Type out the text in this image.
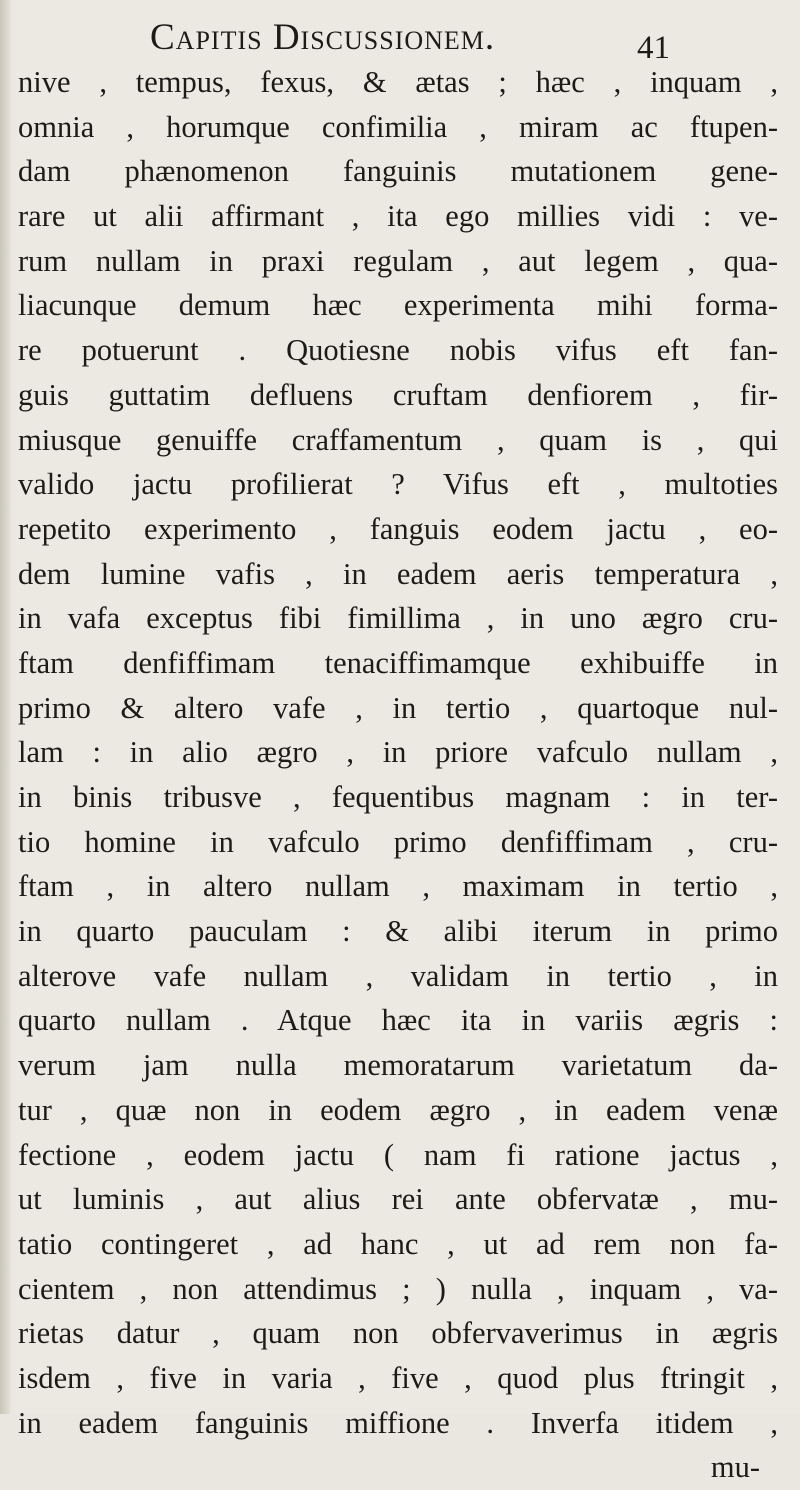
Capitis Discussionem.	41
nive , tempus, fexus, & ætas ; hæc , inquam ,
omnia , horumque confimilia , miram ac ftupen-
dam phænomenon fanguinis mutationem gene-
rare ut alii affirmant , ita ego millies vidi : ve-
rum nullam in praxi regulam , aut legem , qua-
liacunque demum hæc experimenta mihi forma-
re potuerunt . Quotiesne nobis vifus eft fan-
guis guttatim defluens cruftam denfiorem , fir-
miusque genuiffe craffamentum , quam is , qui
valido jactu profilierat ? Vifus eft , multoties
repetito experimento , fanguis eodem jactu , eo-
dem lumine vafis , in eadem aeris temperatura ,
in vafa exceptus fibi fimillima , in uno ægro cru-
ftam denfiffimam tenaciffimamque exhibuiffe in
primo & altero vafe , in tertio , quartoque nul-
lam : in alio ægro , in priore vafculo nullam ,
in binis tribusve , fequentibus magnam : in ter-
tio homine in vafculo primo denfiffimam , cru-
ftam , in altero nullam , maximam in tertio ,
in quarto pauculam : & alibi iterum in primo
alterove vafe nullam , validam in tertio , in
quarto nullam . Atque hæc ita in variis ægris :
verum jam nulla memoratarum varietatum da-
tur , quæ non in eodem ægro , in eadem venæ
fectione , eodem jactu ( nam fi ratione jactus ,
ut luminis , aut alius rei ante obfervatæ , mu-
tatio contingeret , ad hanc , ut ad rem non fa-
cientem , non attendimus ; ) nulla , inquam , va-
rietas datur , quam non obfervaverimus in ægris
isdem , five in varia , five , quod plus ftringit ,
in eadem fanguinis miffione . Inverfa itidem ,
mu-
